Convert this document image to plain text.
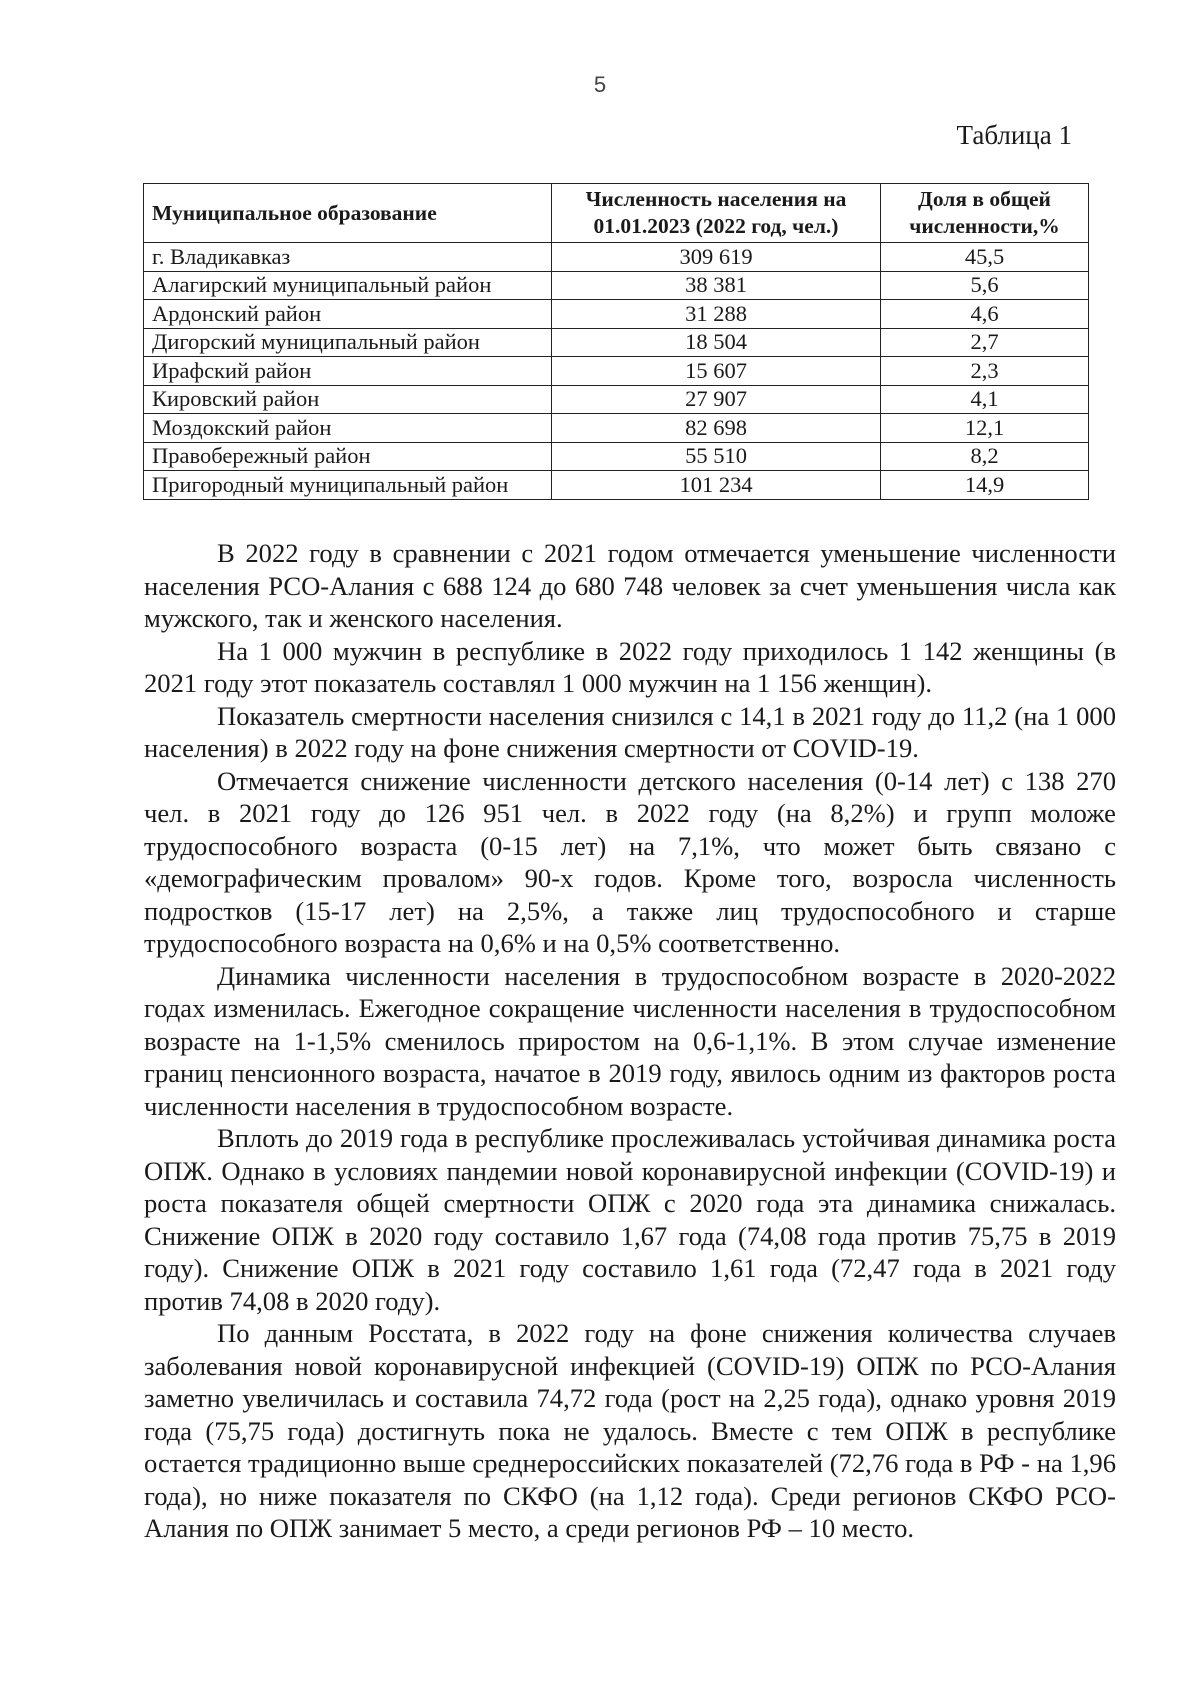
5
Таблица 1
Муниципальное образование	Численность населения на 01.01.2023 (2022 год, чел.)	Доля в общей численности,%
г. Владикавказ	309 619	45,5
Алагирский муниципальный район	38 381	5,6
Ардонский район	31 288	4,6
Дигорский муниципальный район	18 504	2,7
Ирафский район	15 607	2,3
Кировский район	27 907	4,1
Моздокский район	82 698	12,1
Правобережный район	55 510	8,2
Пригородный муниципальный район	101 234	14,9

В 2022 году в сравнении с 2021 годом отмечается уменьшение численности населения РСО-Алания с 688 124 до 680 748 человек за счет уменьшения числа как мужского, так и женского населения.

На 1 000 мужчин в республике в 2022 году приходилось 1 142 женщины (в 2021 году этот показатель составлял 1 000 мужчин на 1 156 женщин).

Показатель смертности населения снизился с 14,1 в 2021 году до 11,2 (на 1 000 населения) в 2022 году на фоне снижения смертности от COVID-19.

Отмечается снижение численности детского населения (0-14 лет) с 138 270 чел. в 2021 году до 126 951 чел. в 2022 году (на 8,2%) и групп моложе трудоспособного возраста (0-15 лет) на 7,1%, что может быть связано с «демографическим провалом» 90-х годов. Кроме того, возросла численность подростков (15-17 лет) на 2,5%, а также лиц трудоспособного и старше трудоспособного возраста на 0,6% и на 0,5% соответственно.

Динамика численности населения в трудоспособном возрасте в 2020-2022 годах изменилась. Ежегодное сокращение численности населения в трудоспособном возрасте на 1-1,5% сменилось приростом на 0,6-1,1%. В этом случае изменение границ пенсионного возраста, начатое в 2019 году, явилось одним из факторов роста численности населения в трудоспособном возрасте.

Вплоть до 2019 года в республике прослеживалась устойчивая динамика роста ОПЖ. Однако в условиях пандемии новой коронавирусной инфекции (COVID-19) и роста показателя общей смертности ОПЖ с 2020 года эта динамика снижалась. Снижение ОПЖ в 2020 году составило 1,67 года (74,08 года против 75,75 в 2019 году). Снижение ОПЖ в 2021 году составило 1,61 года (72,47 года в 2021 году против 74,08 в 2020 году).

По данным Росстата, в 2022 году на фоне снижения количества случаев заболевания новой коронавирусной инфекцией (COVID-19) ОПЖ по РСО-Алания заметно увеличилась и составила 74,72 года (рост на 2,25 года), однако уровня 2019 года (75,75 года) достигнуть пока не удалось. Вместе с тем ОПЖ в республике остается традиционно выше среднероссийских показателей (72,76 года в РФ - на 1,96 года), но ниже показателя по СКФО (на 1,12 года). Среди регионов СКФО РСО-Алания по ОПЖ занимает 5 место, а среди регионов РФ – 10 место.
